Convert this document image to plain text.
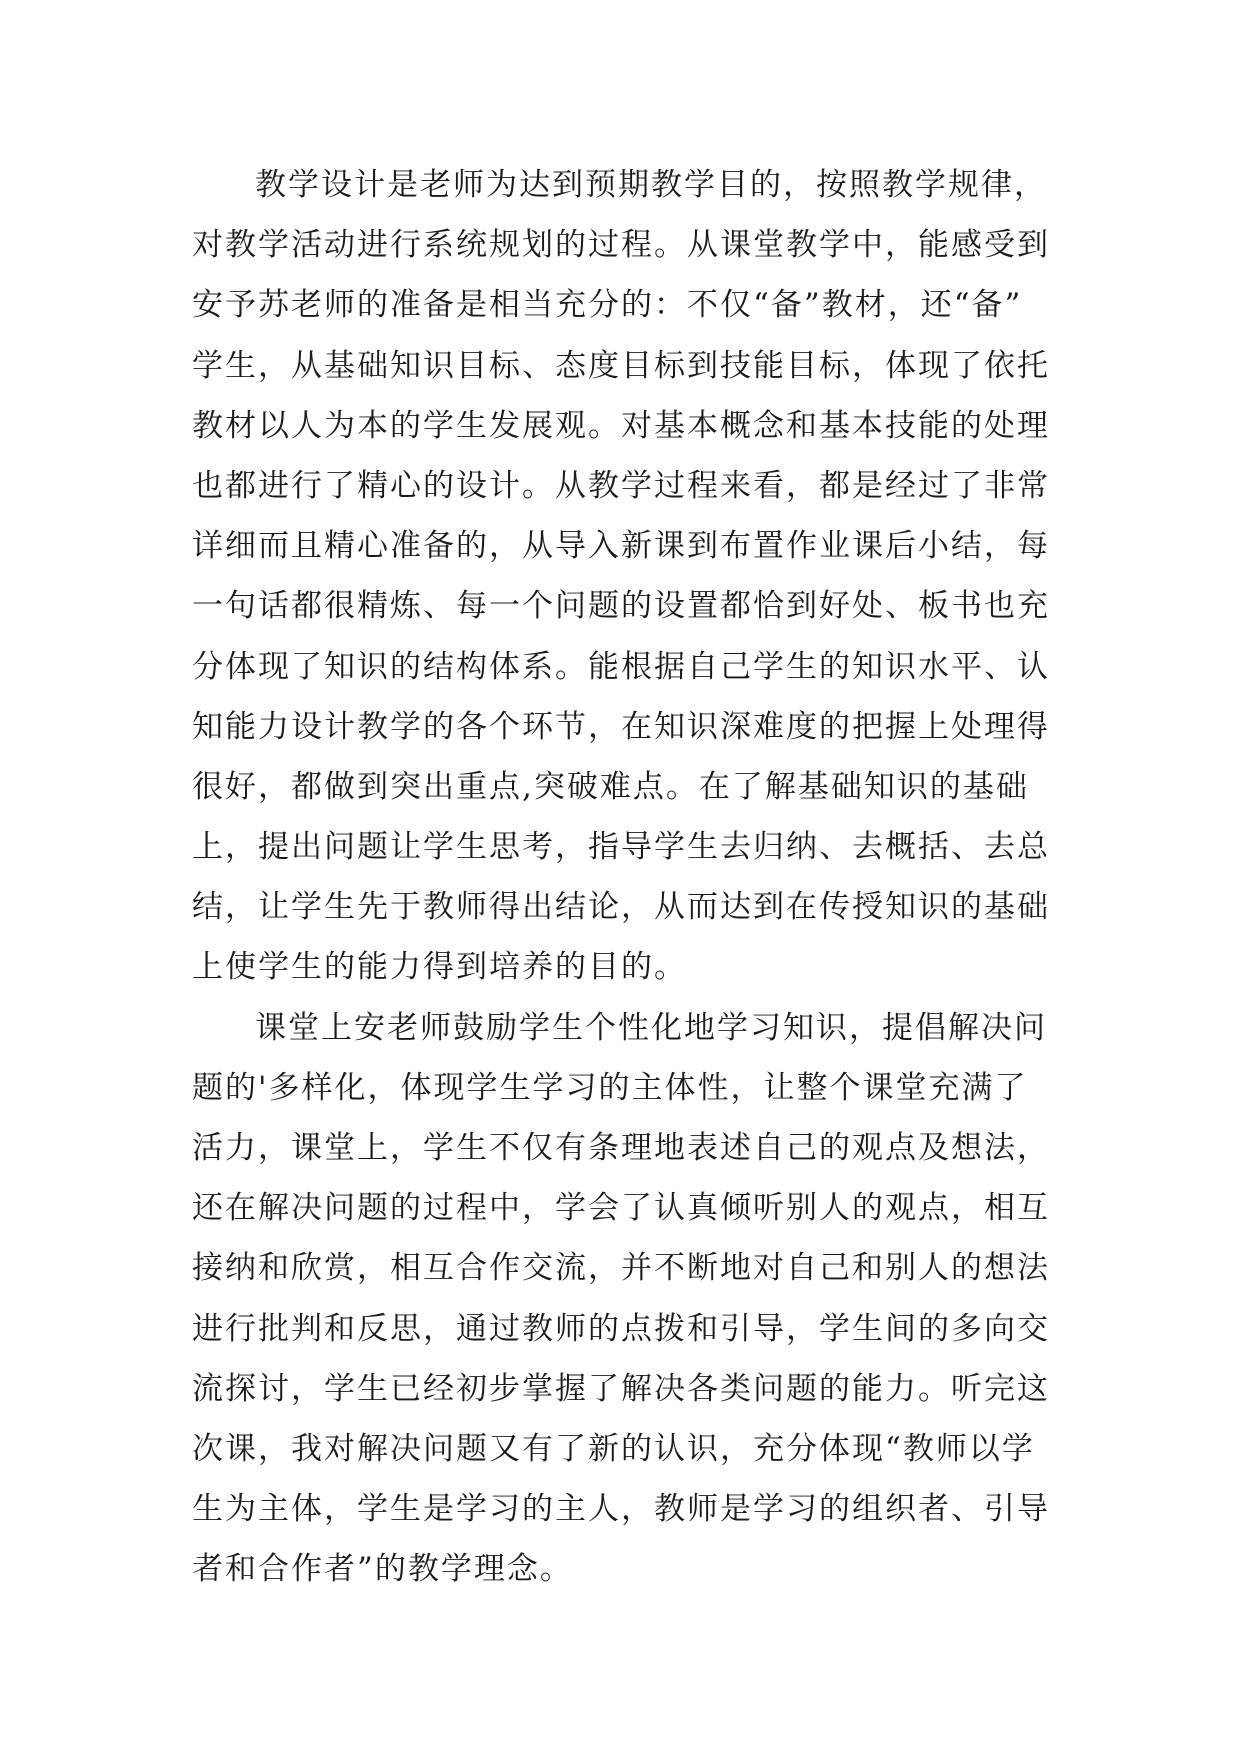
教学设计是老师为达到预期教学目的，按照教学规律，
对教学活动进行系统规划的过程。从课堂教学中，能感受到
安予苏老师的准备是相当充分的：不仅“备”教材，还“备”
学生，从基础知识目标、态度目标到技能目标，体现了依托
教材以人为本的学生发展观。对基本概念和基本技能的处理
也都进行了精心的设计。从教学过程来看，都是经过了非常
详细而且精心准备的，从导入新课到布置作业课后小结，每
一句话都很精炼、每一个问题的设置都恰到好处、板书也充
分体现了知识的结构体系。能根据自己学生的知识水平、认
知能力设计教学的各个环节，在知识深难度的把握上处理得
很好，都做到突出重点,突破难点。在了解基础知识的基础
上，提出问题让学生思考，指导学生去归纳、去概括、去总
结，让学生先于教师得出结论，从而达到在传授知识的基础
上使学生的能力得到培养的目的。
课堂上安老师鼓励学生个性化地学习知识，提倡解决问
题的'多样化，体现学生学习的主体性，让整个课堂充满了
活力，课堂上，学生不仅有条理地表述自己的观点及想法，
还在解决问题的过程中，学会了认真倾听别人的观点，相互
接纳和欣赏，相互合作交流，并不断地对自己和别人的想法
进行批判和反思，通过教师的点拨和引导，学生间的多向交
流探讨，学生已经初步掌握了解决各类问题的能力。听完这
次课，我对解决问题又有了新的认识，充分体现“教师以学
生为主体，学生是学习的主人，教师是学习的组织者、引导
者和合作者”的教学理念。
